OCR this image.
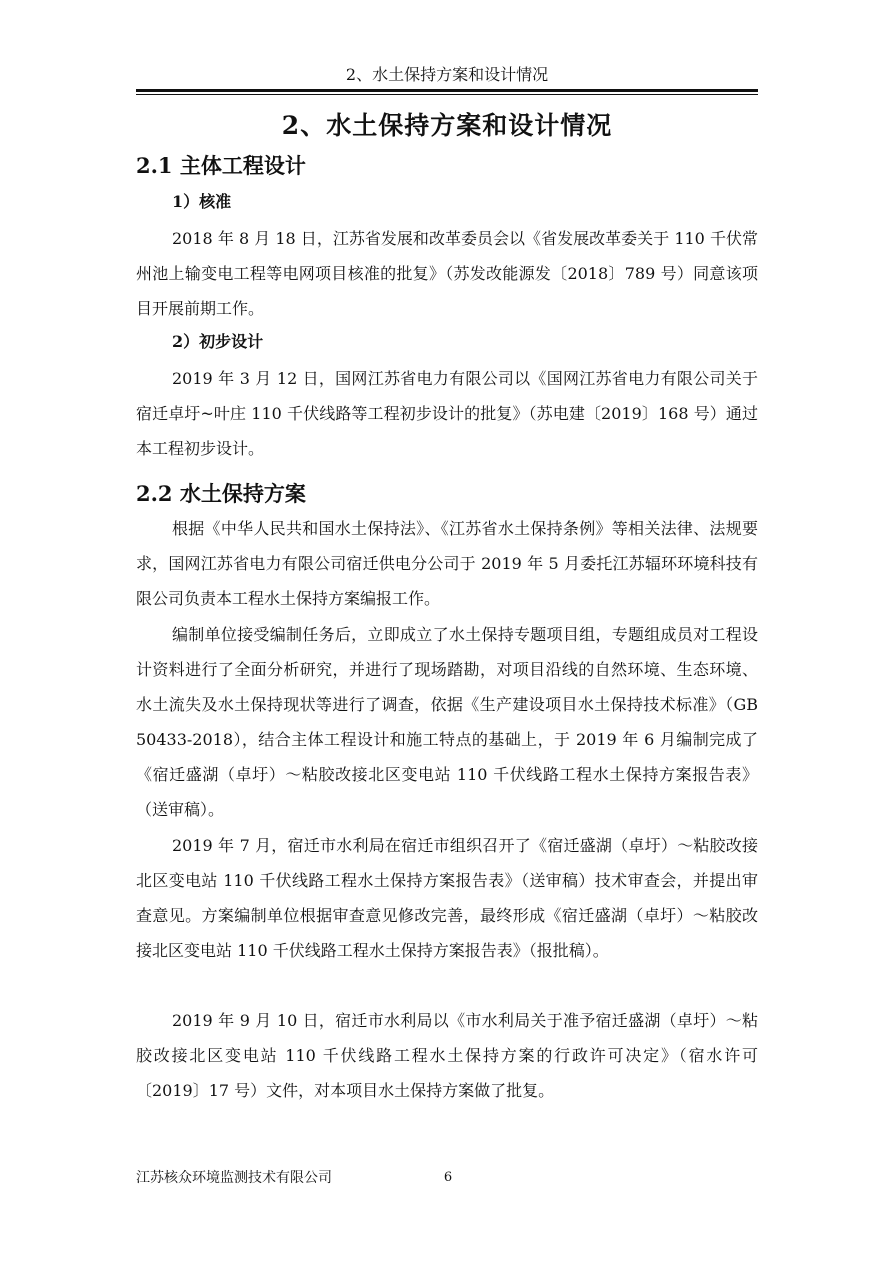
2、水土保持方案和设计情况
2、水土保持方案和设计情况
2.1 主体工程设计
1）核准

2018 年 8 月 18 日，江苏省发展和改革委员会以《省发展改革委关于 110 千伏常州池上输变电工程等电网项目核准的批复》（苏发改能源发〔2018〕789 号）同意该项目开展前期工作。

2）初步设计

2019 年 3 月 12 日，国网江苏省电力有限公司以《国网江苏省电力有限公司关于宿迁卓圩~叶庄 110 千伏线路等工程初步设计的批复》（苏电建〔2019〕168 号）通过本工程初步设计。

2.2 水土保持方案

根据《中华人民共和国水土保持法》、《江苏省水土保持条例》等相关法律、法规要求，国网江苏省电力有限公司宿迁供电分公司于 2019 年 5 月委托江苏辐环环境科技有限公司负责本工程水土保持方案编报工作。

编制单位接受编制任务后，立即成立了水土保持专题项目组，专题组成员对工程设计资料进行了全面分析研究，并进行了现场踏勘，对项目沿线的自然环境、生态环境、水土流失及水土保持现状等进行了调查，依据《生产建设项目水土保持技术标准》（GB 50433-2018），结合主体工程设计和施工特点的基础上，于 2019 年 6 月编制完成了《宿迁盛湖（卓圩）～粘胶改接北区变电站 110 千伏线路工程水土保持方案报告表》（送审稿）。

2019 年 7 月，宿迁市水利局在宿迁市组织召开了《宿迁盛湖（卓圩）～粘胶改接北区变电站 110 千伏线路工程水土保持方案报告表》（送审稿）技术审查会，并提出审查意见。方案编制单位根据审查意见修改完善，最终形成《宿迁盛湖（卓圩）～粘胶改接北区变电站 110 千伏线路工程水土保持方案报告表》（报批稿）。

2019 年 9 月 10 日，宿迁市水利局以《市水利局关于准予宿迁盛湖（卓圩）～粘胶改接北区变电站 110 千伏线路工程水土保持方案的行政许可决定》（宿水许可〔2019〕17 号）文件，对本项目水土保持方案做了批复。

江苏核众环境监测技术有限公司	6
